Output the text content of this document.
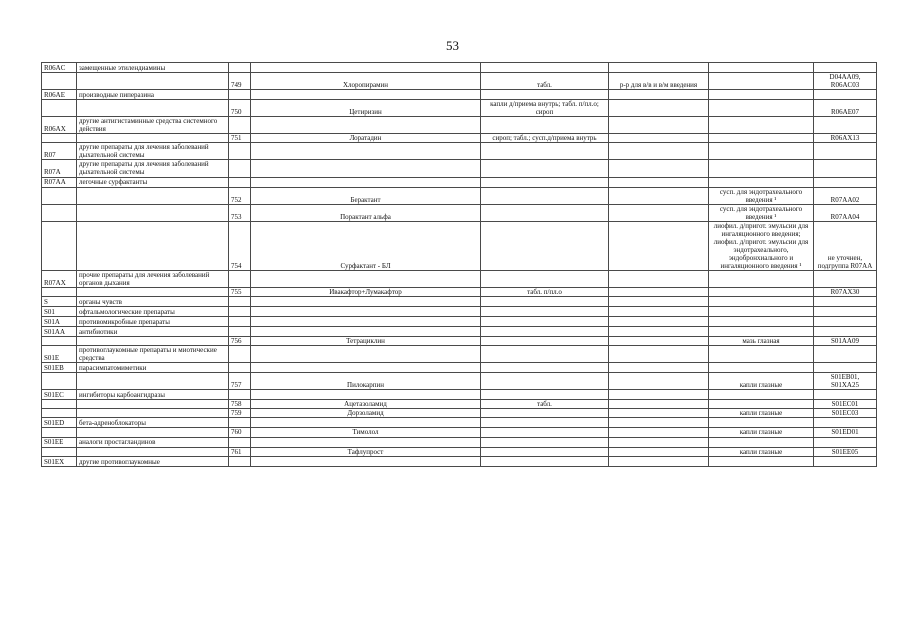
53
R06AC	замещенные этилендиамины						
		749	Хлоропирамин	табл.	р-р для в/в и в/м введения		D04AA09, R06AC03
R06AE	производные пиперазина						
		750	Цетиризин	капли д/приема внутрь; табл. п/пл.о; сироп			R06AE07
R06AX	другие антигистаминные средства системного действия						
		751	Лоратадин	сироп; табл.; сусп.д/приема внутрь			R06AX13
R07	другие препараты для лечения заболеваний дыхательной системы						
R07A	другие препараты для лечения заболеваний дыхательной системы						
R07AA	легочные сурфактанты						
		752	Берактант			сусп. для эндотрахеального введения ¹	R07AA02
		753	Порактант альфа			сусп. для эндотрахеального введения ¹	R07AA04
		754	Сурфактант - БЛ			лиофил. д/пригот. эмульсии для ингаляционного введения; лиофил. д/пригот. эмульсии для эндотрахеального, эндобронхиального и ингаляционного введения ¹	не уточнен, подгруппа R07AA
R07AX	прочие препараты для лечения заболеваний органов дыхания						
		755	Ивакафтор+Лумакафтор	табл. п/пл.о			R07AX30
S	органы чувств						
S01	офтальмологические препараты						
S01A	противомикробные препараты						
S01AA	антибиотики						
		756	Тетрациклин			мазь глазная	S01AA09
S01E	противоглаукомные препараты и миотические средства						
S01EB	парасимпатомиметики						
		757	Пилокарпин			капли глазные	S01EB01, S01XA25
S01EC	ингибиторы карбоангидразы						
		758	Ацетазоламид	табл.			S01EC01
		759	Дорзоламид			капли глазные	S01EC03
S01ED	бета-адреноблокаторы						
		760	Тимолол			капли глазные	S01ED01
S01EE	аналоги простагландинов						
		761	Тафлупрост			капли глазные	S01EE05
S01EX	другие противоглаукомные						
